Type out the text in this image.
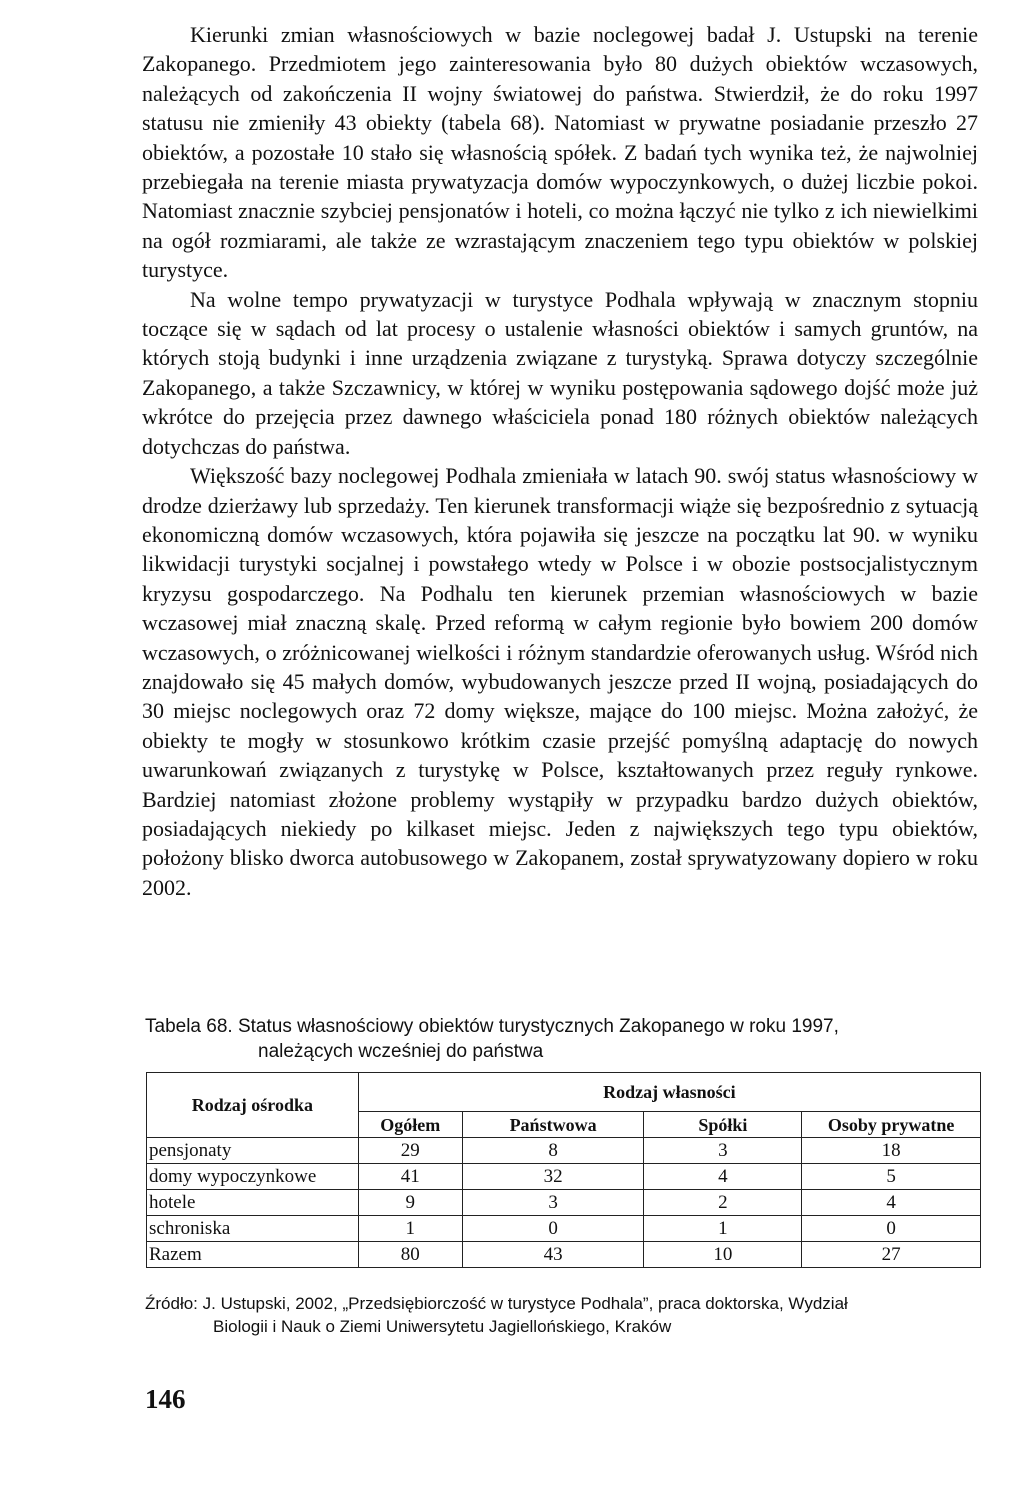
Kierunki zmian własnościowych w bazie noclegowej badał J. Ustupski na terenie Zakopanego. Przedmiotem jego zainteresowania było 80 dużych obiektów wczasowych, należących od zakończenia II wojny światowej do państwa. Stwierdził, że do roku 1997 statusu nie zmieniły 43 obiekty (tabela 68). Natomiast w prywatne posiadanie przeszło 27 obiektów, a pozostałe 10 stało się własnością spółek. Z badań tych wynika też, że najwolniej przebiegała na terenie miasta prywatyzacja domów wypoczynkowych, o dużej liczbie pokoi. Natomiast znacznie szybciej pensjonatów i hoteli, co można łączyć nie tylko z ich niewielkimi na ogół rozmiarami, ale także ze wzrastającym znaczeniem tego typu obiektów w polskiej turystyce.

Na wolne tempo prywatyzacji w turystyce Podhala wpływają w znacznym stopniu toczące się w sądach od lat procesy o ustalenie własności obiektów i samych gruntów, na których stoją budynki i inne urządzenia związane z turystyką. Sprawa dotyczy szczególnie Zakopanego, a także Szczawnicy, w której w wyniku postępowania sądowego dojść może już wkrótce do przejęcia przez dawnego właściciela ponad 180 różnych obiektów należących dotychczas do państwa.

Większość bazy noclegowej Podhala zmieniała w latach 90. swój status własnościowy w drodze dzierżawy lub sprzedaży. Ten kierunek transformacji wiąże się bezpośrednio z sytuacją ekonomiczną domów wczasowych, która pojawiła się jeszcze na początku lat 90. w wyniku likwidacji turystyki socjalnej i powstałego wtedy w Polsce i w obozie postsocjalistycznym kryzysu gospodarczego. Na Podhalu ten kierunek przemian własnościowych w bazie wczasowej miał znaczną skalę. Przed reformą w całym regionie było bowiem 200 domów wczasowych, o zróżnicowanej wielkości i różnym standardzie oferowanych usług. Wśród nich znajdowało się 45 małych domów, wybudowanych jeszcze przed II wojną, posiadających do 30 miejsc noclegowych oraz 72 domy większe, mające do 100 miejsc. Można założyć, że obiekty te mogły w stosunkowo krótkim czasie przejść pomyślną adaptację do nowych uwarunkowań związanych z turystykę w Polsce, kształtowanych przez reguły rynkowe. Bardziej natomiast złożone problemy wystąpiły w przypadku bardzo dużych obiektów, posiadających niekiedy po kilkaset miejsc. Jeden z największych tego typu obiektów, położony blisko dworca autobusowego w Zakopanem, został sprywatyzowany dopiero w roku 2002.

Tabela 68. Status własnościowy obiektów turystycznych Zakopanego w roku 1997,
należących wcześniej do państwa
Rodzaj ośrodka	Rodzaj własności			
	Ogółem	Państwowa	Spółki	Osoby prywatne
pensjonaty	29	8	3	18
domy wypoczynkowe	41	32	4	5
hotele	9	3	2	4
schroniska	1	0	1	0
Razem	80	43	10	27
Źródło: J. Ustupski, 2002, „Przedsiębiorczość w turystyce Podhala”, praca doktorska, Wydział
Biologii i Nauk o Ziemi Uniwersytetu Jagiellońskiego, Kraków
146
